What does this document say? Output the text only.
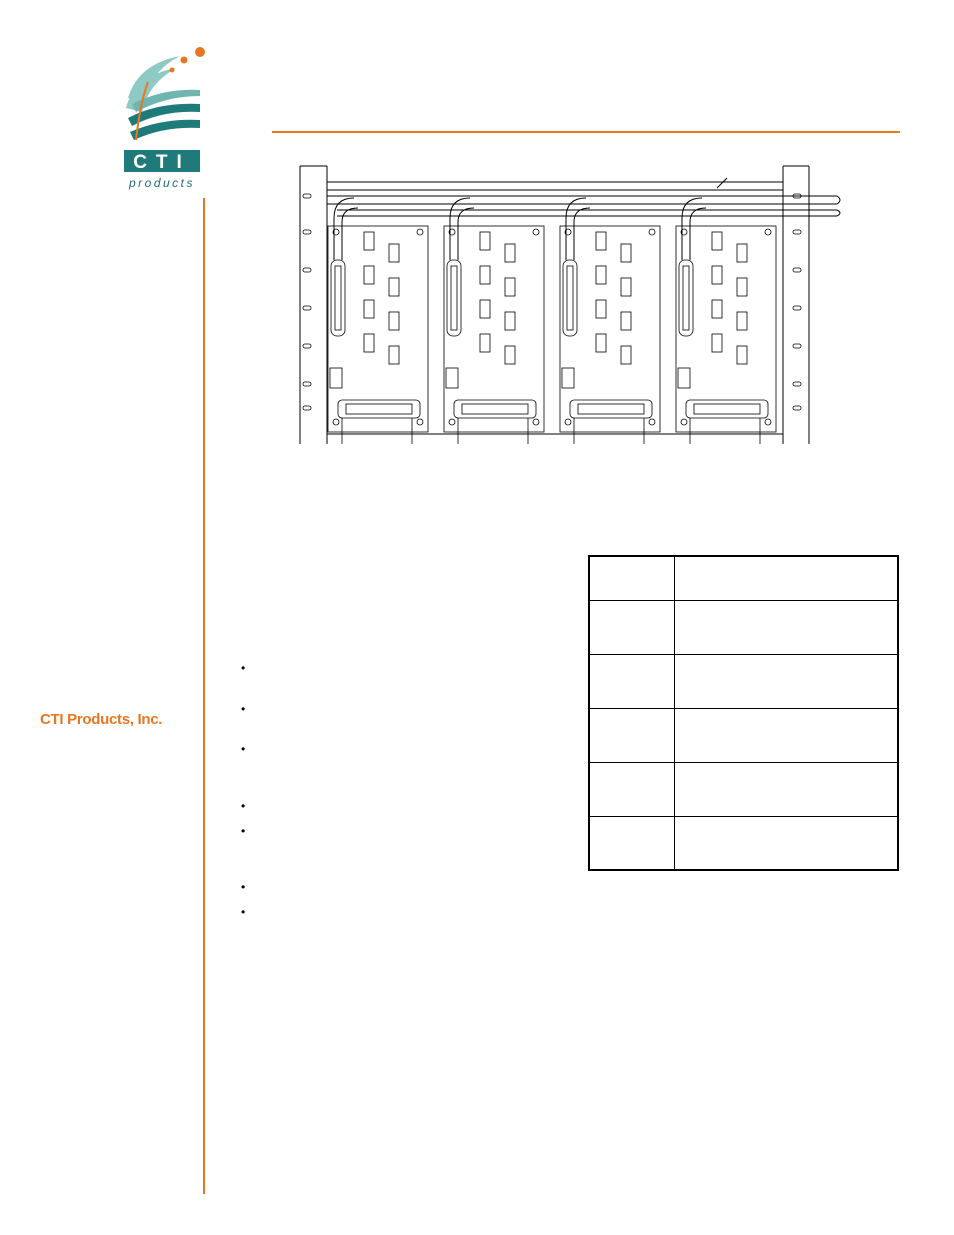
CTI
products
CTI Products, Inc.

•
•
•
•
•
•
•
